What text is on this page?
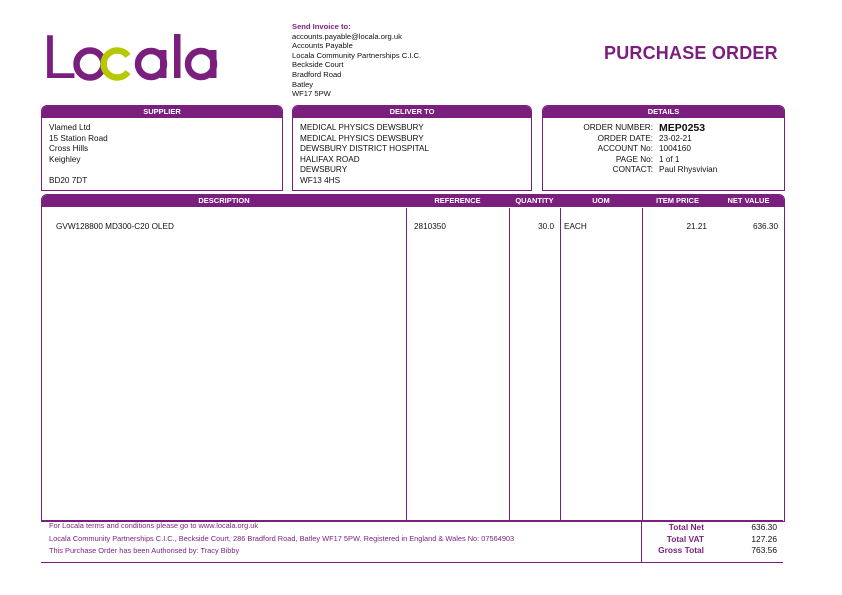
L	Send Invoice to:
accounts.payable@locala.org.uk
Accounts Payable
Locala Community Partnerships C.I.C.
Beckside Court
Bradford Road
Batley
WF17 5PW
PURCHASE ORDER
SUPPLIER
Vlamed Ltd
15 Station Road
Cross Hills
Keighley

BD20 7DT
DELIVER TO
MEDICAL PHYSICS DEWSBURY
MEDICAL PHYSICS DEWSBURY
DEWSBURY DISTRICT HOSPITAL
HALIFAX ROAD
DEWSBURY
WF13 4HS
DETAILS
ORDER NUMBER: MEP0253
ORDER DATE: 23-02-21
ACCOUNT No: 1004160
PAGE No: 1 of 1
CONTACT: Paul Rhysvivian
DESCRIPTION	REFERENCE	QUANTITY	UOM	ITEM PRICE	NET VALUE
GVW128800 MD300-C20 OLED	2810350	30.0	EACH	21.21	636.30
For Locala terms and conditions please go to www.locala.org.uk
Locala Community Partnerships C.I.C., Beckside Court, 286 Bradford Road, Batley WF17 5PW. Registered in England & Wales No: 07564903
This Purchase Order has been Authorised by: Tracy Bibby
Total Net	636.30
Total VAT	127.26
Gross Total	763.56
